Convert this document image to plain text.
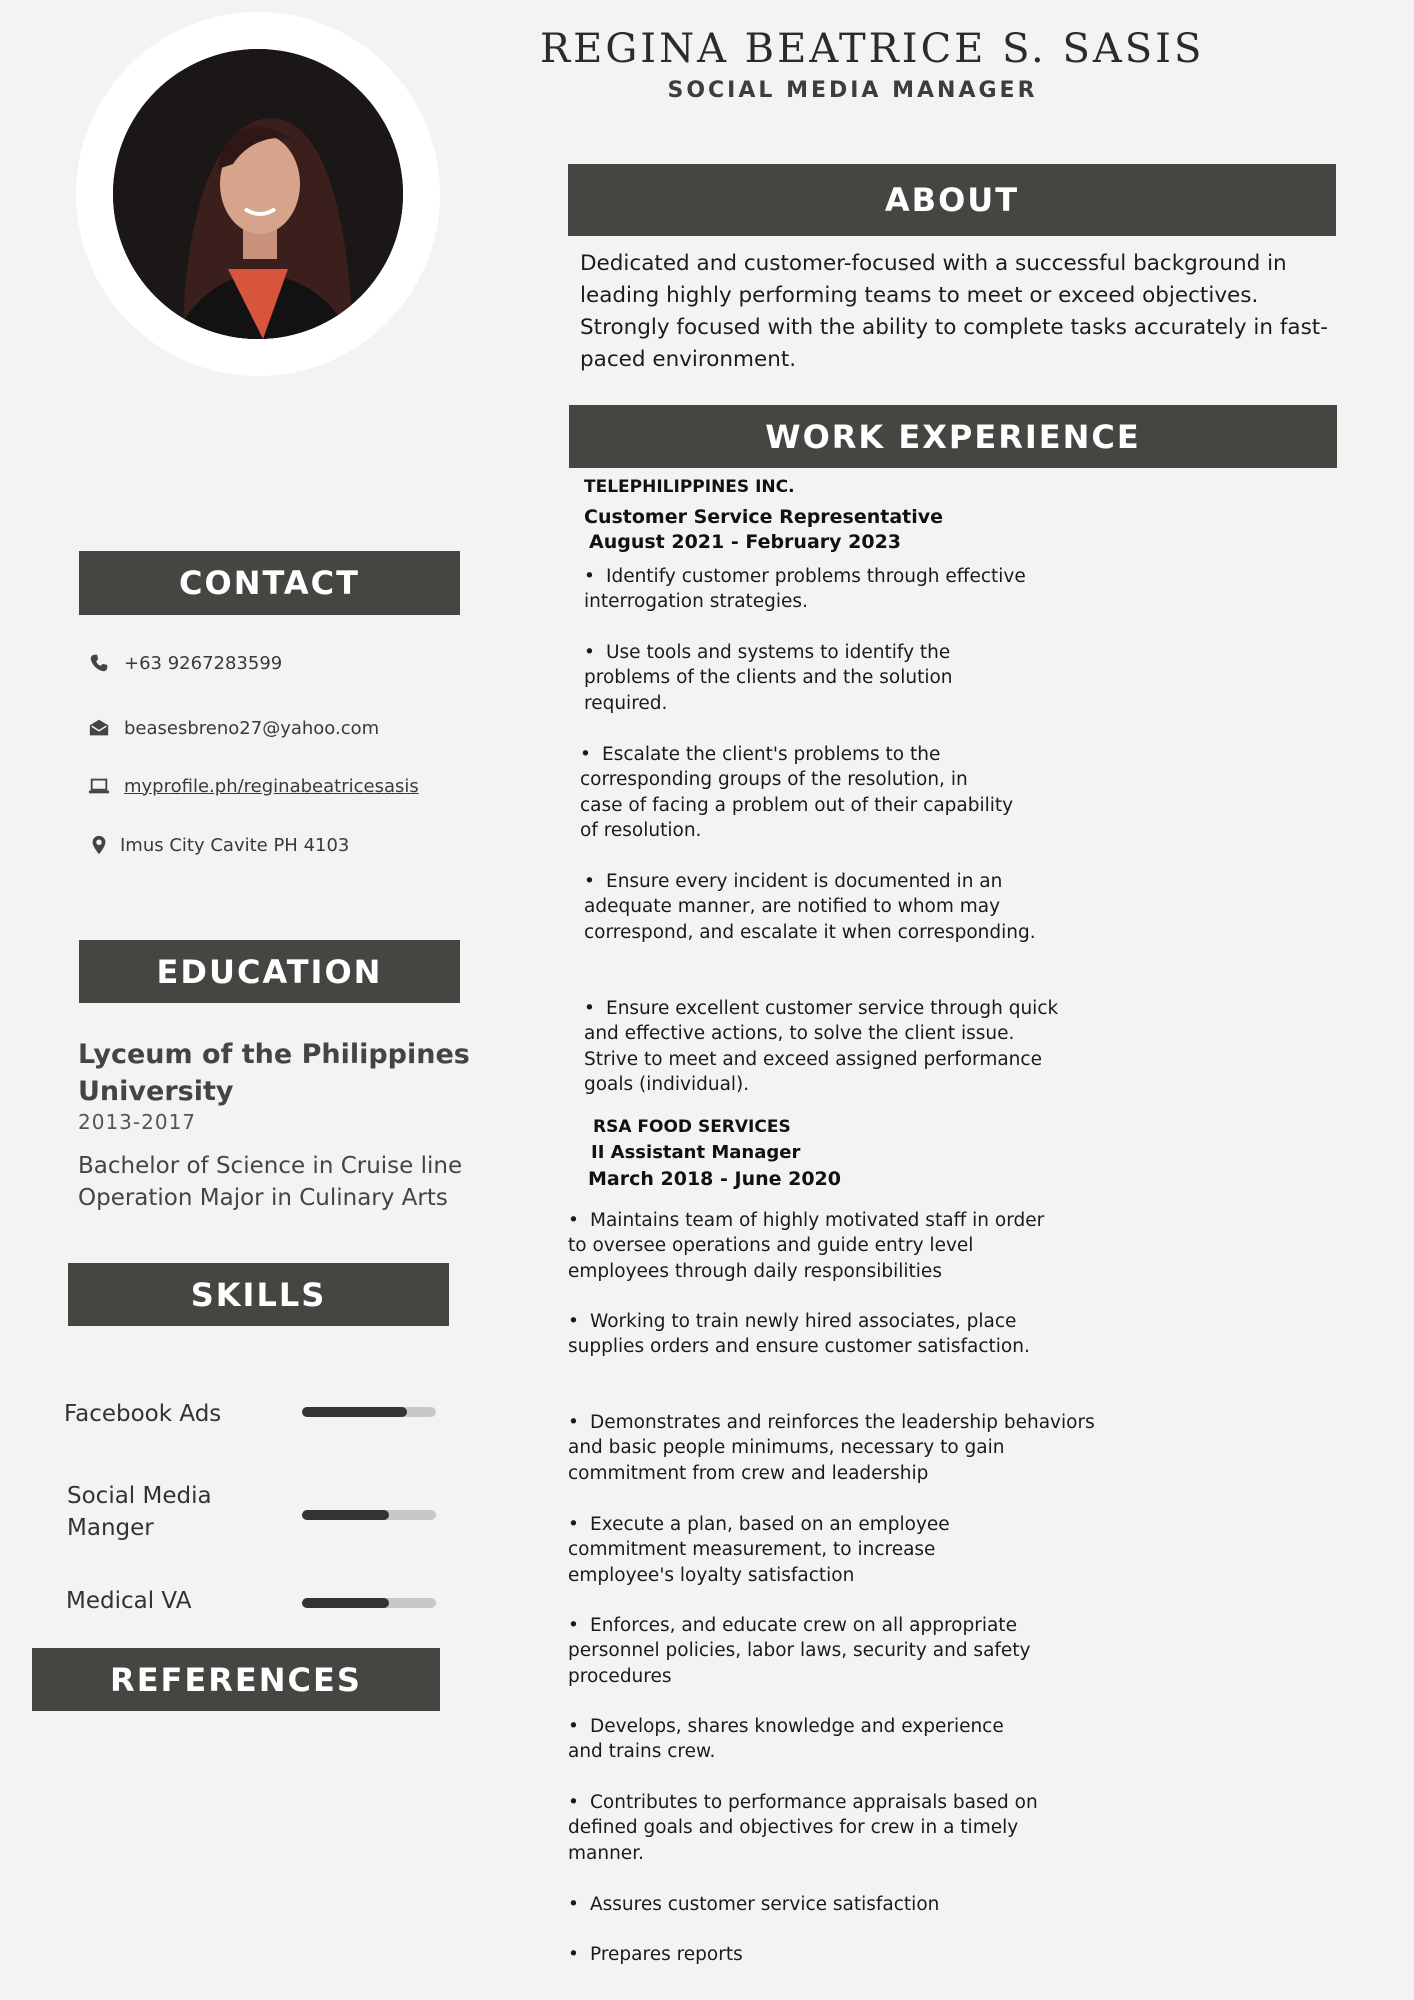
REGINA BEATRICE S. SASIS
SOCIAL MEDIA MANAGER
ABOUT
Dedicated and customer-focused with a successful background in leading highly performing teams to meet or exceed objectives. Strongly focused with the ability to complete tasks accurately in fast-paced environment.
WORK EXPERIENCE
TELEPHILIPPINES INC.
Customer Service Representative
August 2021 - February 2023
• Identify customer problems through effective interrogation strategies.
• Use tools and systems to identify the problems of the clients and the solution required.
• Escalate the client's problems to the corresponding groups of the resolution, in case of facing a problem out of their capability of resolution.
• Ensure every incident is documented in an adequate manner, are notified to whom may correspond, and escalate it when corresponding.
• Ensure excellent customer service through quick and effective actions, to solve the client issue. Strive to meet and exceed assigned performance goals (individual).
RSA FOOD SERVICES
II Assistant Manager
March 2018 - June 2020
• Maintains team of highly motivated staff in order to oversee operations and guide entry level employees through daily responsibilities
• Working to train newly hired associates, place supplies orders and ensure customer satisfaction.
• Demonstrates and reinforces the leadership behaviors and basic people minimums, necessary to gain commitment from crew and leadership
• Execute a plan, based on an employee commitment measurement, to increase employee's loyalty satisfaction
• Enforces, and educate crew on all appropriate personnel policies, labor laws, security and safety procedures
• Develops, shares knowledge and experience and trains crew.
• Contributes to performance appraisals based on defined goals and objectives for crew in a timely manner.
• Assures customer service satisfaction
• Prepares reports
CONTACT
+63 9267283599
beasesbreno27@yahoo.com
myprofile.ph/reginabeatricesasis
Imus City Cavite PH 4103
EDUCATION
Lyceum of the Philippines University
2013-2017
Bachelor of Science in Cruise line Operation Major in Culinary Arts
SKILLS
Facebook Ads
Social Media Manger
Medical VA
REFERENCES
